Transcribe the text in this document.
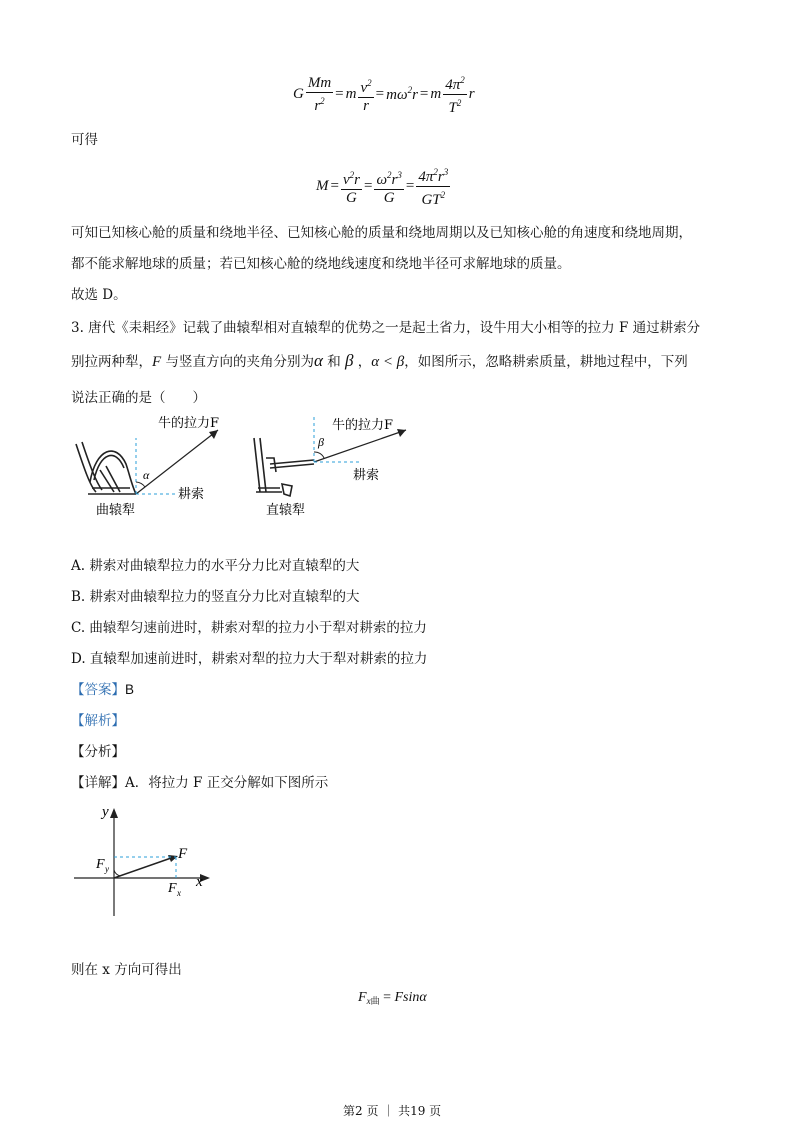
G $\frac{Mm}{r^2} = m \frac{v^2}{r} = m\omega^2r = m \frac{4\pi^2}{T^2}$ r
可得
$M = \frac{v^2r}{G} = \frac{\omega^2r^3}{G} = \frac{4\pi^2r^3}{GT^2}$
可知已知核心舱的质量和绕地半径、已知核心舱的质量和绕地周期以及已知核心舱的角速度和绕地周期，
都不能求解地球的质量；若已知核心舱的绕地线速度和绕地半径可求解地球的质量。
故选 D。
3. 唐代《耒耜经》记载了曲辕犁相对直辕犁的优势之一是起土省力，设牛用大小相等的拉力 F 通过耕索分
别拉两种犁，F 与竖直方向的夹角分别为α 和 β ，α < β，如图所示，忽略耕索质量，耕地过程中，下列
说法正确的是（　　）
α
牛的拉力F
耕索
曲辕犁
β
牛的拉力F
耕索
直辕犁
A. 耕索对曲辕犁拉力的水平分力比对直辕犁的大
B. 耕索对曲辕犁拉力的竖直分力比对直辕犁的大
C. 曲辕犁匀速前进时，耕索对犁的拉力小于犁对耕索的拉力
D. 直辕犁加速前进时，耕索对犁的拉力大于犁对耕索的拉力
【答案】B
【解析】
【分析】
【详解】A．将拉力 F 正交分解如下图所示
y
x
F
F y
F x
则在 x 方向可得出
$F_{x曲} = Fsin\alpha$
第2 页 ｜ 共19 页
